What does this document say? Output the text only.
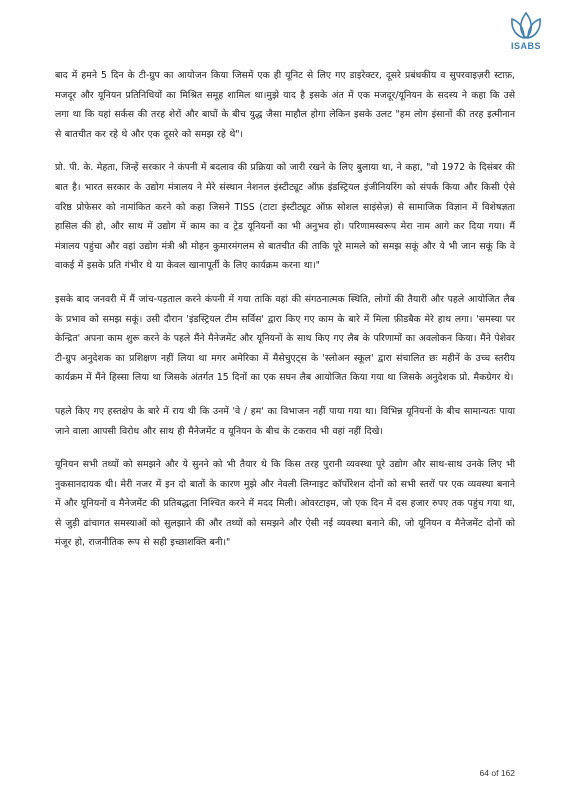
ISABS

बाद में हमने 5 दिन के टी-ग्रुप का आयोजन किया जिसमें एक ही यूनिट से लिए गए डाइरेक्टर, दूसरे प्रबंधकीय व सुपरवाइज़री स्टाफ़, मजदूर और यूनियन प्रतिनिधियों का मिश्रित समूह शामिल था।मुझे याद है इसके अंत में एक मजदूर/यूनियन के सदस्य ने कहा कि उसे लगा था कि यहां सर्कस की तरह शेरों और बाघों के बीच युद्ध जैसा माहौल होगा लेकिन इसके उलट "हम लोग इंसानों की तरह इत्मीनान से बातचीत कर रहे थे और एक दूसरे को समझ रहे थे"।

प्रो. पी. के. मेहता, जिन्हें सरकार ने कंपनी में बदलाव की प्रक्रिया को जारी रखने के लिए बुलाया था, ने कहा, "वो 1972 के दिसंबर की बात है। भारत सरकार के उद्योग मंत्रालय ने मेरे संस्थान नेशनल इंस्टीट्यूट ऑफ़ इंडस्ट्रियल इंजीनियरिंग को संपर्क किया और किसी ऐसे वरिष्ठ प्रोफेसर को नामांकित करने को कहा जिसने TISS (टाटा इंस्टीट्यूट ऑफ़ सोशल साइंसेज़) से सामाजिक विज्ञान में विशेषज्ञता हासिल की हो, और साथ में उद्योग में काम का व ट्रेड यूनियनों का भी अनुभव हो। परिणामस्वरूप मेरा नाम आगे कर दिया गया। मैं मंत्रालय पहुंचा और वहां उद्योग मंत्री श्री मोहन कुमारमंगलम से बातचीत की ताकि पूरे मामले को समझ सकूं और ये भी जान सकूं कि वे वाकई में इसके प्रति गंभीर थे या केवल खानापूर्ती के लिए कार्यक्रम करना था।"

इसके बाद जनवरी में मैं जांच-पड़ताल करने कंपनी में गया ताकि वहां की संगठनात्मक स्थिति, लोगों की तैयारी और पहले आयोजित लैब के प्रभाव को समझ सकूं। उसी दौरान 'इंडस्ट्रियल टीम सर्विस' द्वारा किए गए काम के बारे में मिला फ़ीडबैक मेरे हाथ लगा। 'समस्या पर केन्द्रित' अपना काम शुरू करने के पहले मैंने मैनेजमेंट और यूनियनों के साथ किए गए लैब के परिणामों का अवलोकन किया। मैंने पेशेवर टी-ग्रुप अनुदेशक का प्रशिक्षण नहीं लिया था मगर अमेरिका में मैसेचुएट्स के 'स्लोअन स्कूल' द्वारा संचालित छः महीनें के उच्च स्तरीय कार्यक्रम में मैंने हिस्सा लिया था जिसके अंतर्गत 15 दिनों का एक सघन लैब आयोजित किया गया था जिसके अनुदेशक प्रो. मैकग्रेगर थे।

पहले किए गए हस्तक्षेप के बारे में राय थी कि उनमें 'वे / हम' का विभाजन नहीं पाया गया था। विभिन्न यूनियनों के बीच सामान्यतः पाया जाने वाला आपसी विरोध और साथ ही मैनेजमेंट व यूनियन के बीच के टकराव भी वहां नहीं दिखे।

यूनियन सभी तथ्यों को समझने और ये सुनने को भी तैयार थे कि किस तरह पुरानी व्यवस्था पूरे उद्योग और साथ-साथ उनके लिए भी नुकसानदायक थी। मेरी नजर में इन दो बातों के कारण मुझे और नेवली लिग्नाइट कॉर्पोरेशन दोनों को सभी स्तरों पर एक व्यवस्था बनाने में और यूनियनों व मैनेजमेंट की प्रतिबद्धता निश्चित करने में मदद मिली। ओवरटाइम, जो एक दिन में दस हजार रुपए तक पहुंच गया था, से जुड़ी ढांचागत समस्याओं को सुलझाने की और तथ्यों को समझने और ऐसी नई व्यवस्था बनाने की, जो यूनियन व मैनेजमेंट दोनों को मंजूर हो, राजनीतिक रूप से सही इच्छाशक्ति बनी।"

64 of 162
